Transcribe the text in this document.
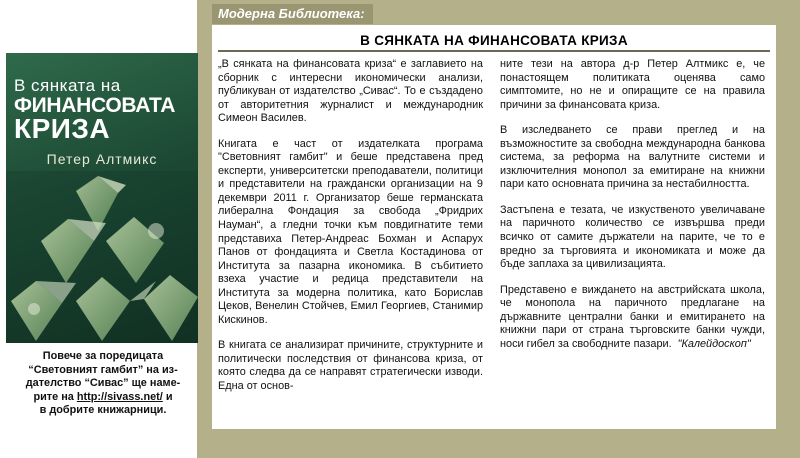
Модерна Библиотека:
В СЯНКАТА НА ФИНАНСОВАТА КРИЗА

„В сянката на финансовата криза“ е заглавието на сборник с интересни икономически анализи, публикуван от издателство „Сивас“. То е създадено от авторитетния журналист и международник Симеон Василев.

Книгата е част от издателката програма "Световният гамбит" и беше представена пред експерти, университетски преподаватели, политици и представители на граждански организации на 9 декември 2011 г. Организатор беше германската либерална Фондация за свобода „Фридрих Науман“, а гледни точки към повдигнатите теми представиха Петер-Андреас Бохман и Аспарух Панов от фондацията и Светла Костадинова от Института за пазарна икономика. В събитието взеха участие и редица представители на Института за модерна политика, като Борислав Цеков, Венелин Стойчев, Емил Георгиев, Станимир Кискинов.

В книгата се анализират причините, структурните и политически последствия от финансова криза, от която следва да се направят стратегически изводи. Една от основ-

ните тези на автора д-р Петер Алтмикс е, че понастоящем политиката оценява само симптомите, но не и опиращите се на правила причини за финансовата криза.

В изследването се прави преглед и на възможностите за свободна международна банкова система, за реформа на валутните системи и изключителния монопол за емитиране на книжни пари като основната причина за нестабилността.

Застъпена е тезата, че изкуственото увеличаване на паричното количество се извършва преди всичко от самите държатели на парите, че то е вредно за търговията и икономиката и може да бъде заплаха за цивилизацията.

Представено е виждането на австрийската школа, че монопола на паричното предлагане на държавните централни банки и емитирането на книжни пари от страна търговските банки чужди, носи гибел за свободните пазари. "Калейдоскоп"

В сянката на
ФИНАНСОВАТА
КРИЗА
Петер Алтмикс
Повече за поредицата
“Световният гамбит” на из-
дателство “Сивас” ще наме-
рите на http://sivass.net/ и
в добрите книжарници.
